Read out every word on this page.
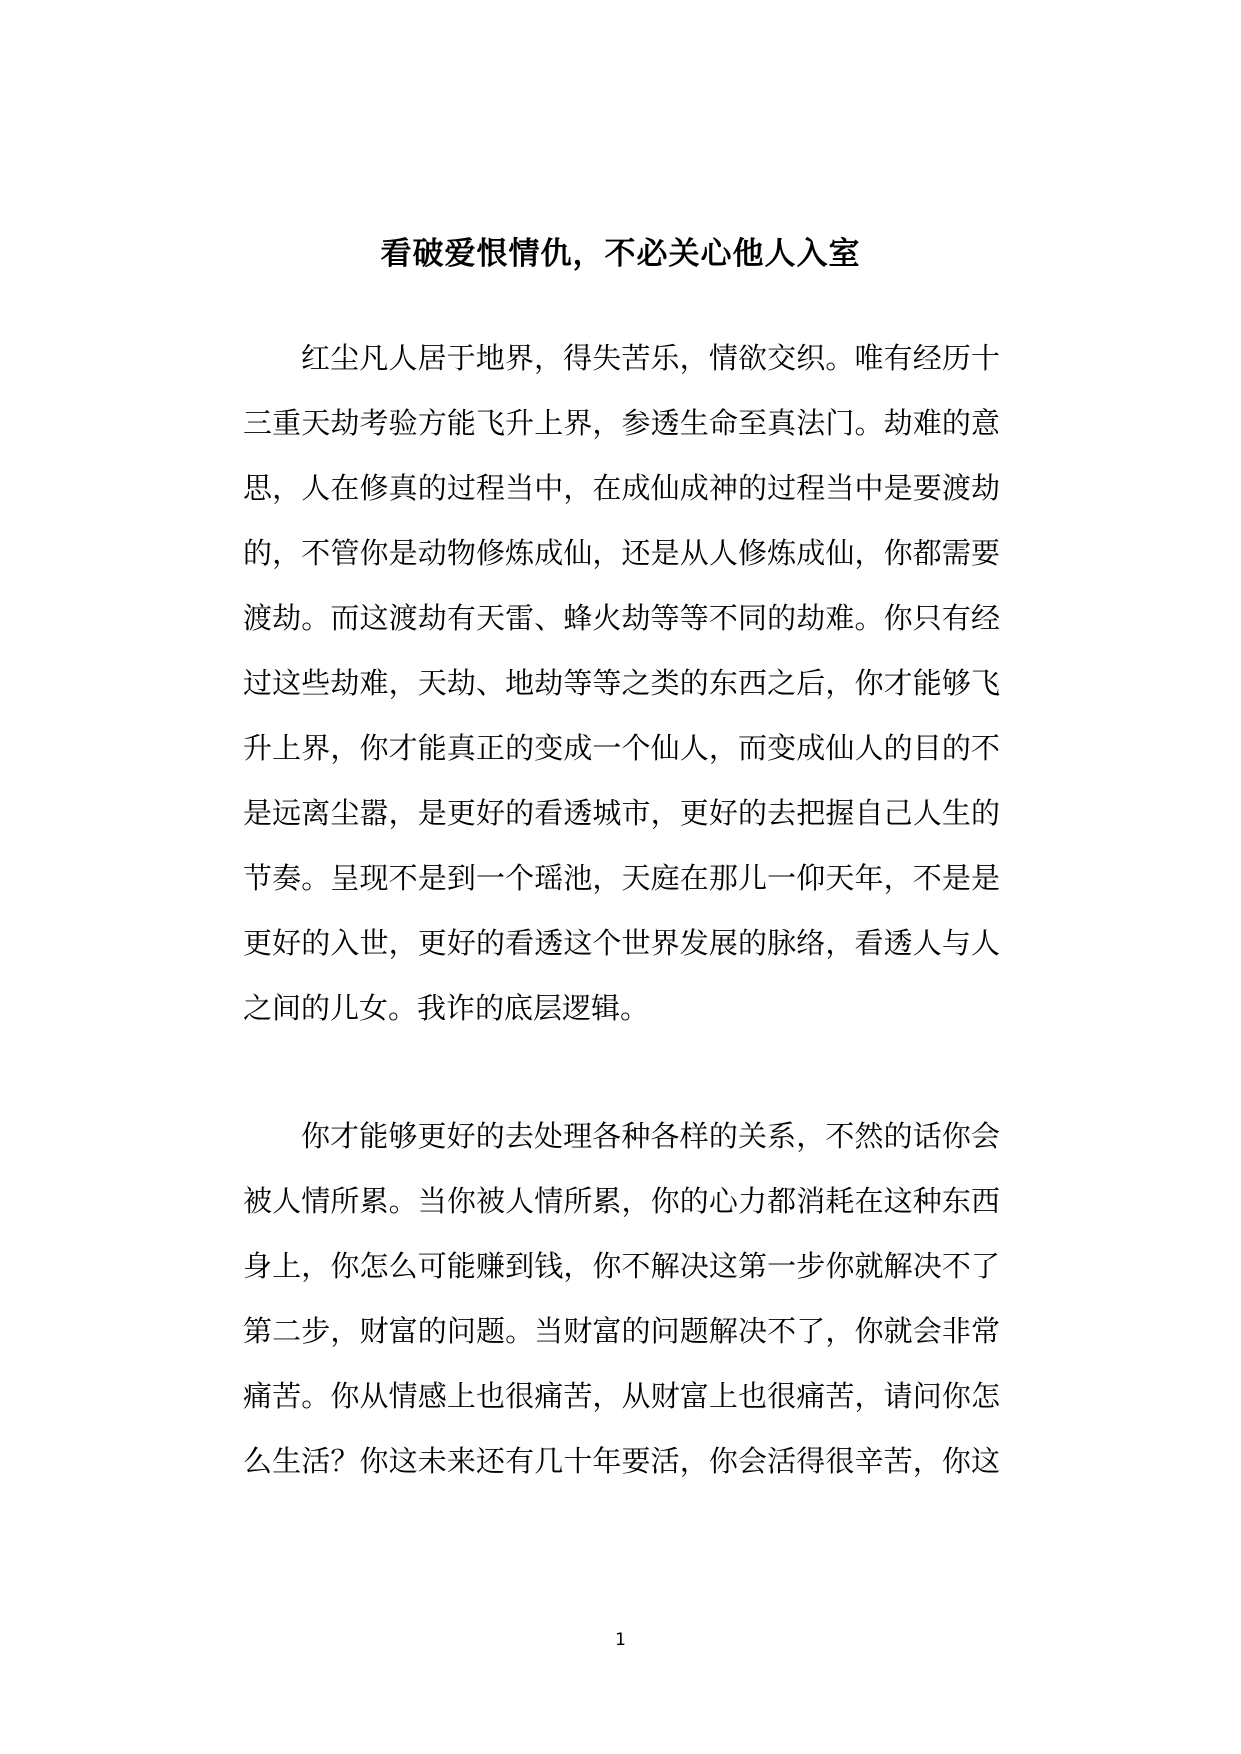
看破爱恨情仇，不必关心他人入室
红尘凡人居于地界，得失苦乐，情欲交织。唯有经历十
三重天劫考验方能飞升上界，参透生命至真法门。劫难的意
思，人在修真的过程当中，在成仙成神的过程当中是要渡劫
的，不管你是动物修炼成仙，还是从人修炼成仙，你都需要
渡劫。而这渡劫有天雷、蜂火劫等等不同的劫难。你只有经
过这些劫难，天劫、地劫等等之类的东西之后，你才能够飞
升上界，你才能真正的变成一个仙人，而变成仙人的目的不
是远离尘嚣，是更好的看透城市，更好的去把握自己人生的
节奏。呈现不是到一个瑶池，天庭在那儿一仰天年，不是是
更好的入世，更好的看透这个世界发展的脉络，看透人与人
之间的儿女。我诈的底层逻辑。
你才能够更好的去处理各种各样的关系，不然的话你会
被人情所累。当你被人情所累，你的心力都消耗在这种东西
身上，你怎么可能赚到钱，你不解决这第一步你就解决不了
第二步，财富的问题。当财富的问题解决不了，你就会非常
痛苦。你从情感上也很痛苦，从财富上也很痛苦，请问你怎
么生活？你这未来还有几十年要活，你会活得很辛苦，你这
1
